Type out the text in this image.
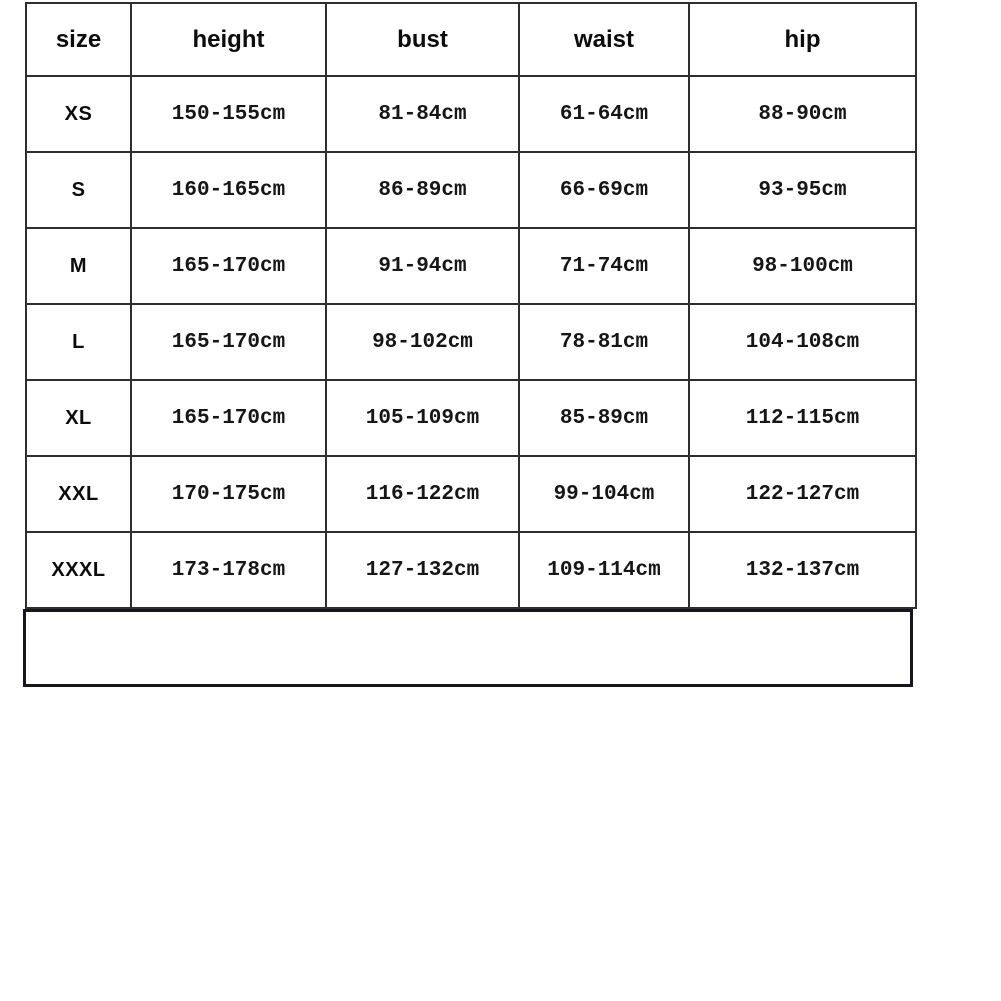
size	height	bust	waist	hip
XS	150-155cm	81-84cm	61-64cm	88-90cm
S	160-165cm	86-89cm	66-69cm	93-95cm
M	165-170cm	91-94cm	71-74cm	98-100cm
L	165-170cm	98-102cm	78-81cm	104-108cm
XL	165-170cm	105-109cm	85-89cm	112-115cm
XXL	170-175cm	116-122cm	99-104cm	122-127cm
XXXL	173-178cm	127-132cm	109-114cm	132-137cm
